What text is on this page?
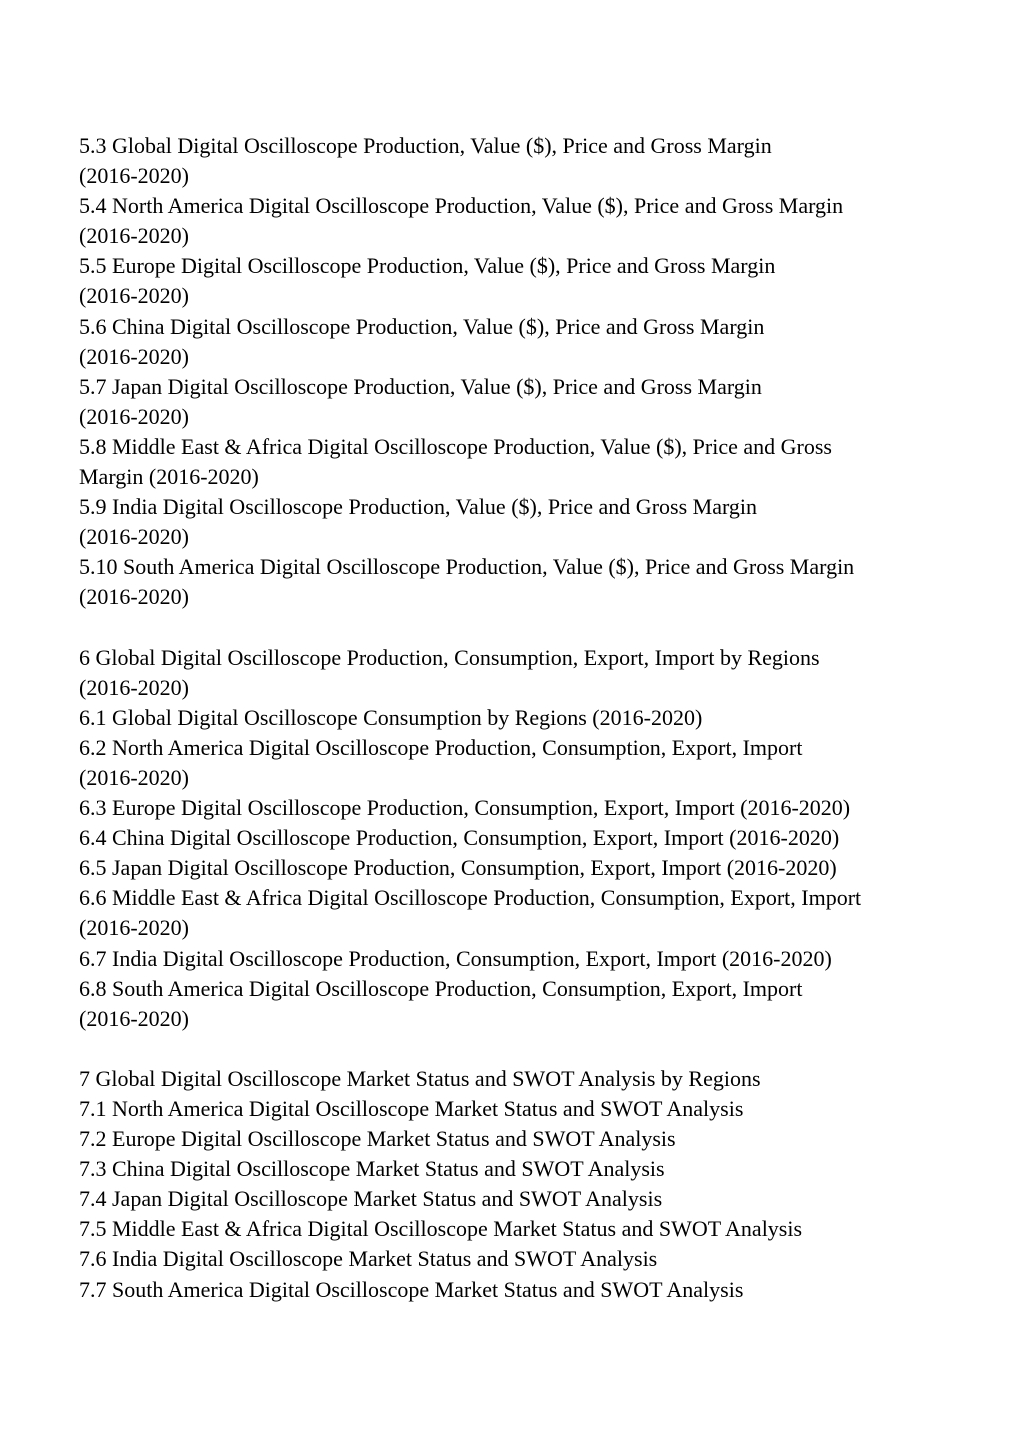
5.3 Global Digital Oscilloscope Production, Value ($), Price and Gross Margin
(2016-2020)
5.4 North America Digital Oscilloscope Production, Value ($), Price and Gross Margin
(2016-2020)
5.5 Europe Digital Oscilloscope Production, Value ($), Price and Gross Margin
(2016-2020)
5.6 China Digital Oscilloscope Production, Value ($), Price and Gross Margin
(2016-2020)
5.7 Japan Digital Oscilloscope Production, Value ($), Price and Gross Margin
(2016-2020)
5.8 Middle East & Africa Digital Oscilloscope Production, Value ($), Price and Gross
Margin (2016-2020)
5.9 India Digital Oscilloscope Production, Value ($), Price and Gross Margin
(2016-2020)
5.10 South America Digital Oscilloscope Production, Value ($), Price and Gross Margin
(2016-2020)
6 Global Digital Oscilloscope Production, Consumption, Export, Import by Regions
(2016-2020)
6.1 Global Digital Oscilloscope Consumption by Regions (2016-2020)
6.2 North America Digital Oscilloscope Production, Consumption, Export, Import
(2016-2020)
6.3 Europe Digital Oscilloscope Production, Consumption, Export, Import (2016-2020)
6.4 China Digital Oscilloscope Production, Consumption, Export, Import (2016-2020)
6.5 Japan Digital Oscilloscope Production, Consumption, Export, Import (2016-2020)
6.6 Middle East & Africa Digital Oscilloscope Production, Consumption, Export, Import
(2016-2020)
6.7 India Digital Oscilloscope Production, Consumption, Export, Import (2016-2020)
6.8 South America Digital Oscilloscope Production, Consumption, Export, Import
(2016-2020)
7 Global Digital Oscilloscope Market Status and SWOT Analysis by Regions
7.1 North America Digital Oscilloscope Market Status and SWOT Analysis
7.2 Europe Digital Oscilloscope Market Status and SWOT Analysis
7.3 China Digital Oscilloscope Market Status and SWOT Analysis
7.4 Japan Digital Oscilloscope Market Status and SWOT Analysis
7.5 Middle East & Africa Digital Oscilloscope Market Status and SWOT Analysis
7.6 India Digital Oscilloscope Market Status and SWOT Analysis
7.7 South America Digital Oscilloscope Market Status and SWOT Analysis
